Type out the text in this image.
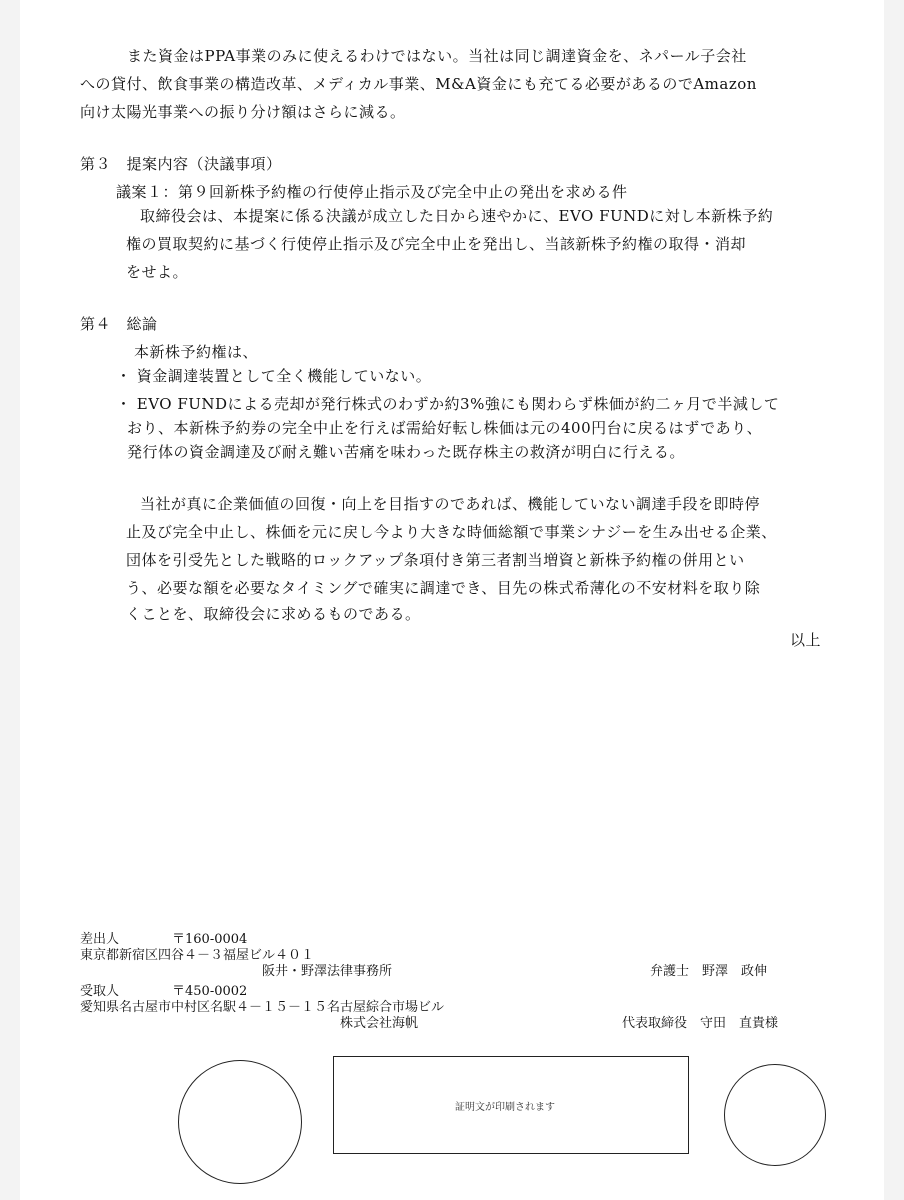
また資金はPPA事業のみに使えるわけではない。当社は同じ調達資金を、ネパール子会社

への貸付、飲食事業の構造改革、メディカル事業、M&A資金にも充てる必要があるのでAmazon

向け太陽光事業への振り分け額はさらに減る。

第３　提案内容（決議事項）

議案１：第９回新株予約権の行使停止指示及び完全中止の発出を求める件

取締役会は、本提案に係る決議が成立した日から速やかに、EVO FUNDに対し本新株予約

権の買取契約に基づく行使停止指示及び完全中止を発出し、当該新株予約権の取得・消却

をせよ。

第４　総論

本新株予約権は、

・ 資金調達装置として全く機能していない。

・ EVO FUNDによる売却が発行株式のわずか約3%強にも関わらず株価が約二ヶ月で半減して

おり、本新株予約券の完全中止を行えば需給好転し株価は元の400円台に戻るはずであり、

発行体の資金調達及び耐え難い苦痛を味わった既存株主の救済が明白に行える。

当社が真に企業価値の回復・向上を目指すのであれば、機能していない調達手段を即時停

止及び完全中止し、株価を元に戻し今より大きな時価総額で事業シナジーを生み出せる企業、

団体を引受先とした戦略的ロックアップ条項付き第三者割当増資と新株予約権の併用とい

う、必要な額を必要なタイミングで確実に調達でき、目先の株式希薄化の不安材料を取り除

くことを、取締役会に求めるものである。

以上

差出人	〒160-0004

東京都新宿区四谷４－３福屋ビル４０１

阪井・野澤法律事務所	弁護士　野澤　政伸

受取人	〒450-0002

愛知県名古屋市中村区名駅４－１５－１５名古屋綜合市場ビル

株式会社海帆	代表取締役　守田　直貴様

証明文が印刷されます
